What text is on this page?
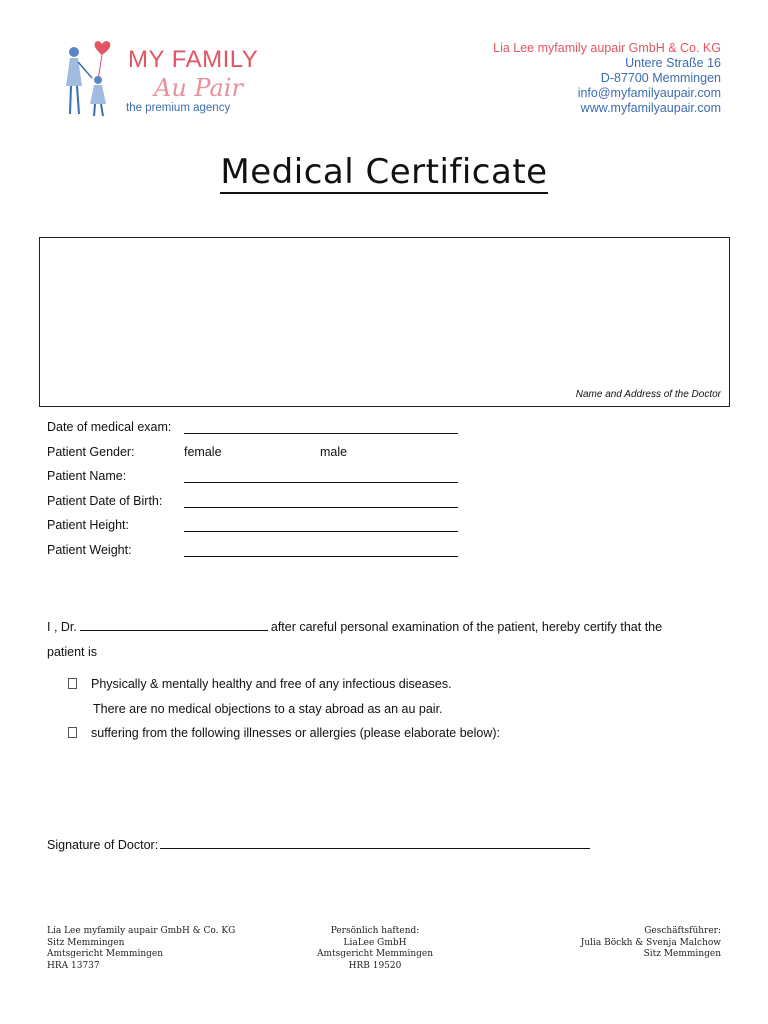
MY FAMILY
Au Pair
the premium agency
Lia Lee myfamily aupair GmbH & Co. KG
Untere Straße 16
D-87700 Memmingen
info@myfamilyaupair.com
www.myfamilyaupair.com
Medical Certificate
Name and Address of the Doctor
Date of medical exam:
Patient Gender:	female	male
Patient Name:
Patient Date of Birth:
Patient Height:
Patient Weight:
I , Dr.	after careful personal examination of the patient, hereby certify that the
patient is
Physically & mentally healthy and free of any infectious diseases.
There are no medical objections to a stay abroad as an au pair.
suffering from the following illnesses or allergies (please elaborate below):
Signature of Doctor:
Lia Lee myfamily aupair GmbH & Co. KG
Sitz Memmingen
Amtsgericht Memmingen
HRA 13737
Persönlich haftend:
LiaLee GmbH
Amtsgericht Memmingen
HRB 19520
Geschäftsführer:
Julia Böckh & Svenja Malchow
Sitz Memmingen
